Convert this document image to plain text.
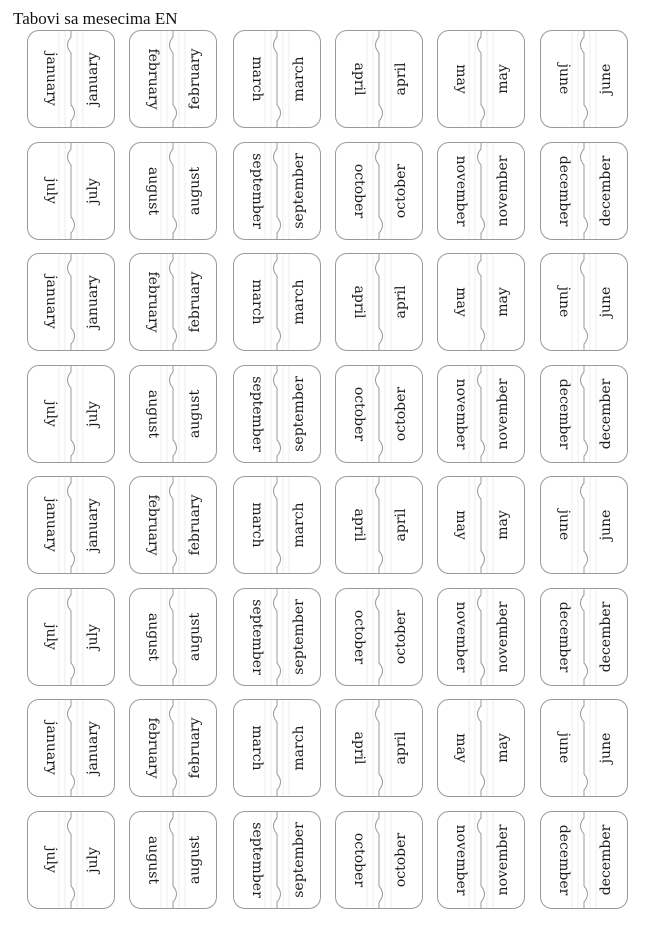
Tabovi sa mesecima EN
january january	february february	march march	april april	may may	june june
july july	august august	september september	october october	november november	december december
january january	february february	march march	april april	may may	june june
july july	august august	september september	october october	november november	december december
january january	february february	march march	april april	may may	june june
july july	august august	september september	october october	november november	december december
january january	february february	march march	april april	may may	june june
july july	august august	september september	october october	november november	december december
